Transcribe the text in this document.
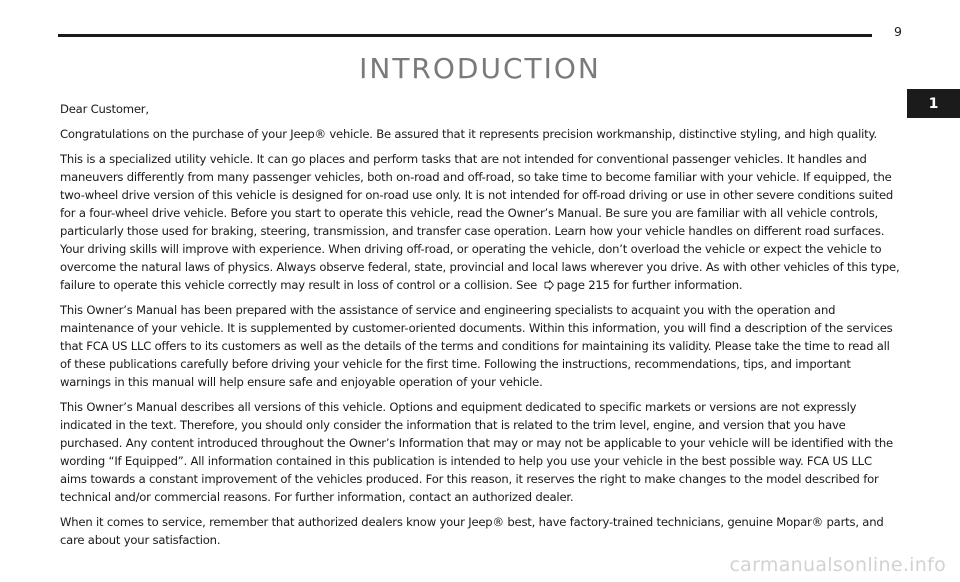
9
INTRODUCTION
1

Dear Customer,

Congratulations on the purchase of your Jeep® vehicle. Be assured that it represents precision workmanship, distinctive styling, and high quality.

This is a specialized utility vehicle. It can go places and perform tasks that are not intended for conventional passenger vehicles. It handles and maneuvers differently from many passenger vehicles, both on-road and off-road, so take time to become familiar with your vehicle. If equipped, the two-wheel drive version of this vehicle is designed for on-road use only. It is not intended for off-road driving or use in other severe conditions suited for a four-wheel drive vehicle. Before you start to operate this vehicle, read the Owner’s Manual. Be sure you are familiar with all vehicle controls, particularly those used for braking, steering, transmission, and transfer case operation. Learn how your vehicle handles on different road surfaces. Your driving skills will improve with experience. When driving off-road, or operating the vehicle, don’t overload the vehicle or expect the vehicle to overcome the natural laws of physics. Always observe federal, state, provincial and local laws wherever you drive. As with other vehicles of this type, failure to operate this vehicle correctly may result in loss of control or a collision. See page 215 for further information.

This Owner’s Manual has been prepared with the assistance of service and engineering specialists to acquaint you with the operation and maintenance of your vehicle. It is supplemented by customer-oriented documents. Within this information, you will find a description of the services that FCA US LLC offers to its customers as well as the details of the terms and conditions for maintaining its validity. Please take the time to read all of these publications carefully before driving your vehicle for the first time. Following the instructions, recommendations, tips, and important warnings in this manual will help ensure safe and enjoyable operation of your vehicle.

This Owner’s Manual describes all versions of this vehicle. Options and equipment dedicated to specific markets or versions are not expressly indicated in the text. Therefore, you should only consider the information that is related to the trim level, engine, and version that you have purchased. Any content introduced throughout the Owner’s Information that may or may not be applicable to your vehicle will be identified with the wording “If Equipped”. All information contained in this publication is intended to help you use your vehicle in the best possible way. FCA US LLC aims towards a constant improvement of the vehicles produced. For this reason, it reserves the right to make changes to the model described for technical and/or commercial reasons. For further information, contact an authorized dealer.

When it comes to service, remember that authorized dealers know your Jeep® best, have factory-trained technicians, genuine Mopar® parts, and care about your satisfaction.

carmanualsonline.info
